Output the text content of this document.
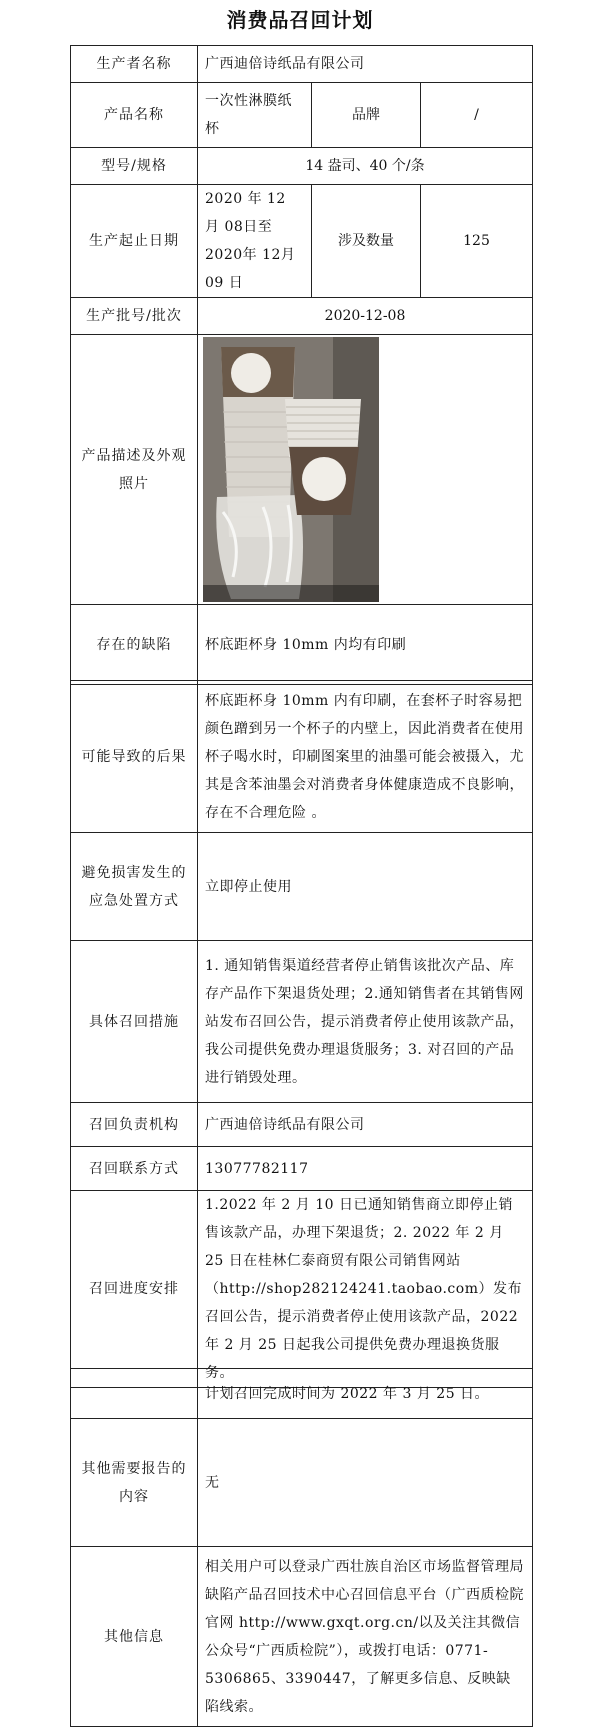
消费品召回计划
生产者名称	广西迪倍诗纸品有限公司		
产品名称	一次性淋膜纸杯	品牌	/
型号/规格	14 盎司、40 个/条		
生产起止日期	2020 年 12 月 08日至2020年 12月09 日	涉及数量	125
生产批号/批次	2020-12-08		
产品描述及外观照片	

存在的缺陷	杯底距杯身 10mm 内均有印刷		
可能导致的后果	杯底距杯身 10mm 内有印刷，在套杯子时容易把颜色蹭到另一个杯子的内壁上，因此消费者在使用杯子喝水时，印刷图案里的油墨可能会被摄入，尤其是含苯油墨会对消费者身体健康造成不良影响，存在不合理危险 。
避免损害发生的应急处置方式	立即停止使用
具体召回措施	1. 通知销售渠道经营者停止销售该批次产品、库存产品作下架退货处理；2.通知销售者在其销售网站发布召回公告，提示消费者停止使用该款产品，我公司提供免费办理退货服务；3. 对召回的产品进行销毁处理。
召回负责机构	广西迪倍诗纸品有限公司
召回联系方式	13077782117
召回进度安排	1.2022 年 2 月 10 日已通知销售商立即停止销售该款产品，办理下架退货；2. 2022 年 2 月 25 日在桂林仁泰商贸有限公司销售网站（http://shop282124241.taobao.com）发布召回公告，提示消费者停止使用该款产品，2022 年 2 月 25 日起我公司提供免费办理退换货服务。
	计划召回完成时间为 2022 年 3 月 25 日。
其他需要报告的内容	无
其他信息	相关用户可以登录广西壮族自治区市场监督管理局缺陷产品召回技术中心召回信息平台（广西质检院官网 http://www.gxqt.org.cn/以及关注其微信公众号“广西质检院”），或拨打电话：0771-5306865、3390447，了解更多信息、反映缺陷线索。
